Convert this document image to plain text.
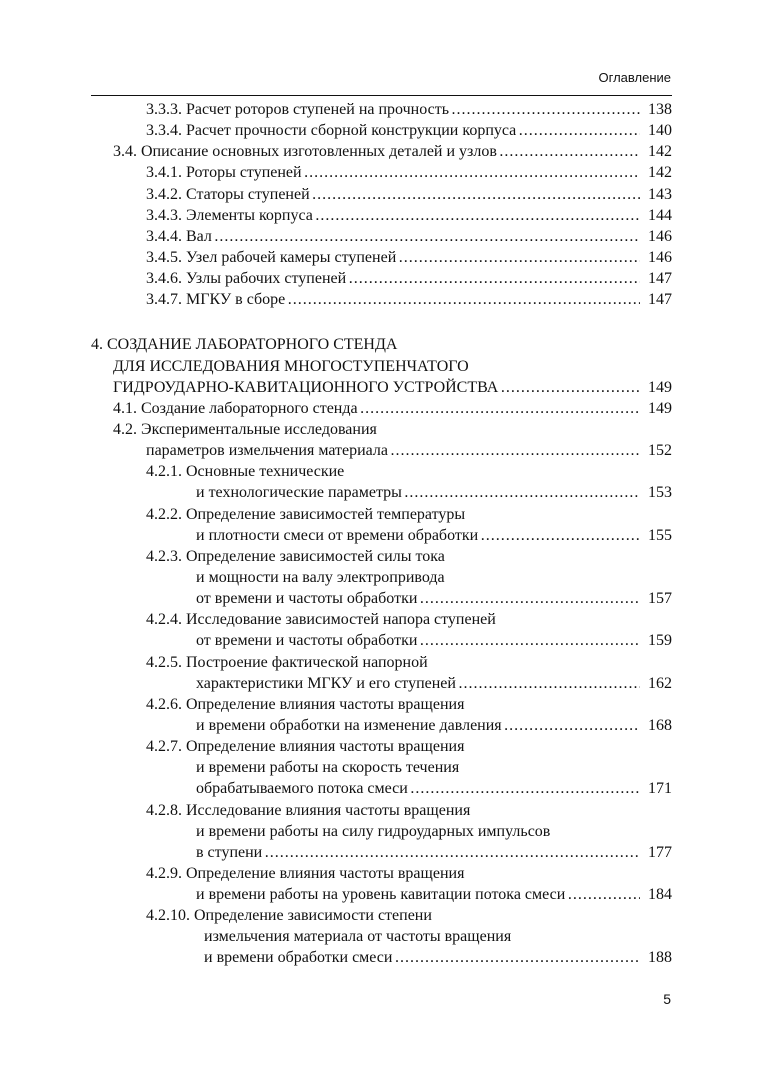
Оглавление
3.3.3. Расчет роторов ступеней на прочность . . .	138
3.3.4. Расчет прочности сборной конструкции корпуса . . .	140
3.4. Описание основных изготовленных деталей и узлов . . .	142
3.4.1. Роторы ступеней . . .	142
3.4.2. Статоры ступеней . . .	143
3.4.3. Элементы корпуса . . .	144
3.4.4. Вал . . .	146
3.4.5. Узел рабочей камеры ступеней . . .	146
3.4.6. Узлы рабочих ступеней . . .	147
3.4.7. МГКУ в сборе . . .	147
4. СОЗДАНИЕ ЛАБОРАТОРНОГО СТЕНДА
ДЛЯ ИССЛЕДОВАНИЯ МНОГОСТУПЕНЧАТОГО
ГИДРОУДАРНО-КАВИТАЦИОННОГО УСТРОЙСТВА . . .	149
4.1. Создание лабораторного стенда . . .	149
4.2. Экспериментальные исследования
параметров измельчения материала . . .	152
4.2.1. Основные технические
и технологические параметры . . .	153
4.2.2. Определение зависимостей температуры
и плотности смеси от времени обработки . . .	155
4.2.3. Определение зависимостей силы тока
и мощности на валу электропривода
от времени и частоты обработки . . .	157
4.2.4. Исследование зависимостей напора ступеней
от времени и частоты обработки . . .	159
4.2.5. Построение фактической напорной
характеристики МГКУ и его ступеней . . .	162
4.2.6. Определение влияния частоты вращения
и времени обработки на изменение давления . . .	168
4.2.7. Определение влияния частоты вращения
и времени работы на скорость течения
обрабатываемого потока смеси . . .	171
4.2.8. Исследование влияния частоты вращения
и времени работы на силу гидроударных импульсов
в ступени . . .	177
4.2.9. Определение влияния частоты вращения
и времени работы на уровень кавитации потока смеси . . .	184
4.2.10. Определение зависимости степени
измельчения материала от частоты вращения
и времени обработки смеси . . .	188
5
